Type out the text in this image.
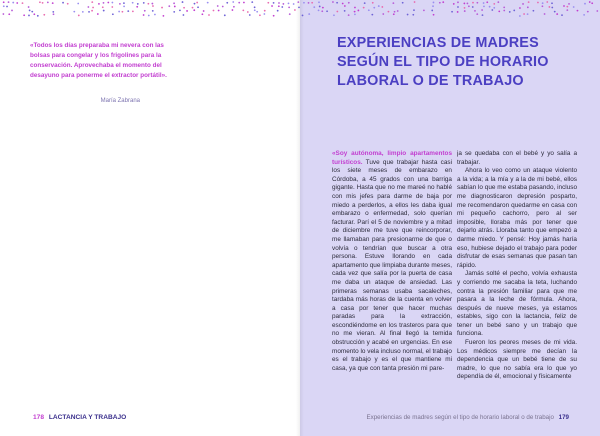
«Todos los días preparaba mi nevera con las bolsas para congelar y los frigolines para la conservación. Aprovechaba el momento del desayuno para ponerme el extractor portátil».

María Zabrana
178 LACTANCIA Y TRABAJO
EXPERIENCIAS DE MADRES
SEGÚN EL TIPO DE HORARIO
LABORAL O DE TRABAJO

«Soy autónoma, limpio apartamentos turísticos. Tuve que trabajar hasta casi los siete meses de embarazo en Córdoba, a 45 grados con una barriga gigante. Hasta que no me mareé no hablé con mis jefes para darme de baja por miedo a perderlos, a ellos les daba igual embarazo o enfermedad, solo querían facturar. Parí el 5 de noviembre y a mitad de diciembre me tuve que reincorporar, me llamaban para presionarme de que o volvía o tendrían que buscar a otra persona. Estuve llorando en cada apartamento que limpiaba durante meses, cada vez que salía por la puerta de casa me daba un ataque de ansiedad. Las primeras semanas usaba sacaleches, tardaba más horas de la cuenta en volver a casa por tener que hacer muchas paradas para la extracción, escondiéndome en los trasteros para que no me vieran. Al final llegó la temida obstrucción y acabé en urgencias. En ese momento lo vela incluso normal, el trabajo es el trabajo y es el que mantiene mi casa, ya que con tanta presión mi pare-

ja se quedaba con el bebé y yo salía a trabajar.

Ahora lo veo como un ataque violento a la vida; a la mía y a la de mi bebé, ellos sabían lo que me estaba pasando, incluso me diagnosticaron depresión posparto, me recomendaron quedarme en casa con mi pequeño cachorro, pero al ser imposible, lloraba más por tener que dejarlo atrás. Lloraba tanto que empezó a darme miedo. Y pensé: Hoy jamás haría eso, hubiese dejado el trabajo para poder disfrutar de esas semanas que pasan tan rápido.

Jamás solté el pecho, volvía exhausta y corriendo me sacaba la teta, luchando contra la presión familiar para que me pasara a la leche de fórmula. Ahora, después de nueve meses, ya estamos estables, sigo con la lactancia, feliz de tener un bebé sano y un trabajo que funciona.

Fueron los peores meses de mi vida. Los médicos siempre me decían la dependencia que un bebé tiene de su madre, lo que no sabía era lo que yo dependía de él, emocional y físicamente

Experiencias de madres según el tipo de horario laboral o de trabajo 179
